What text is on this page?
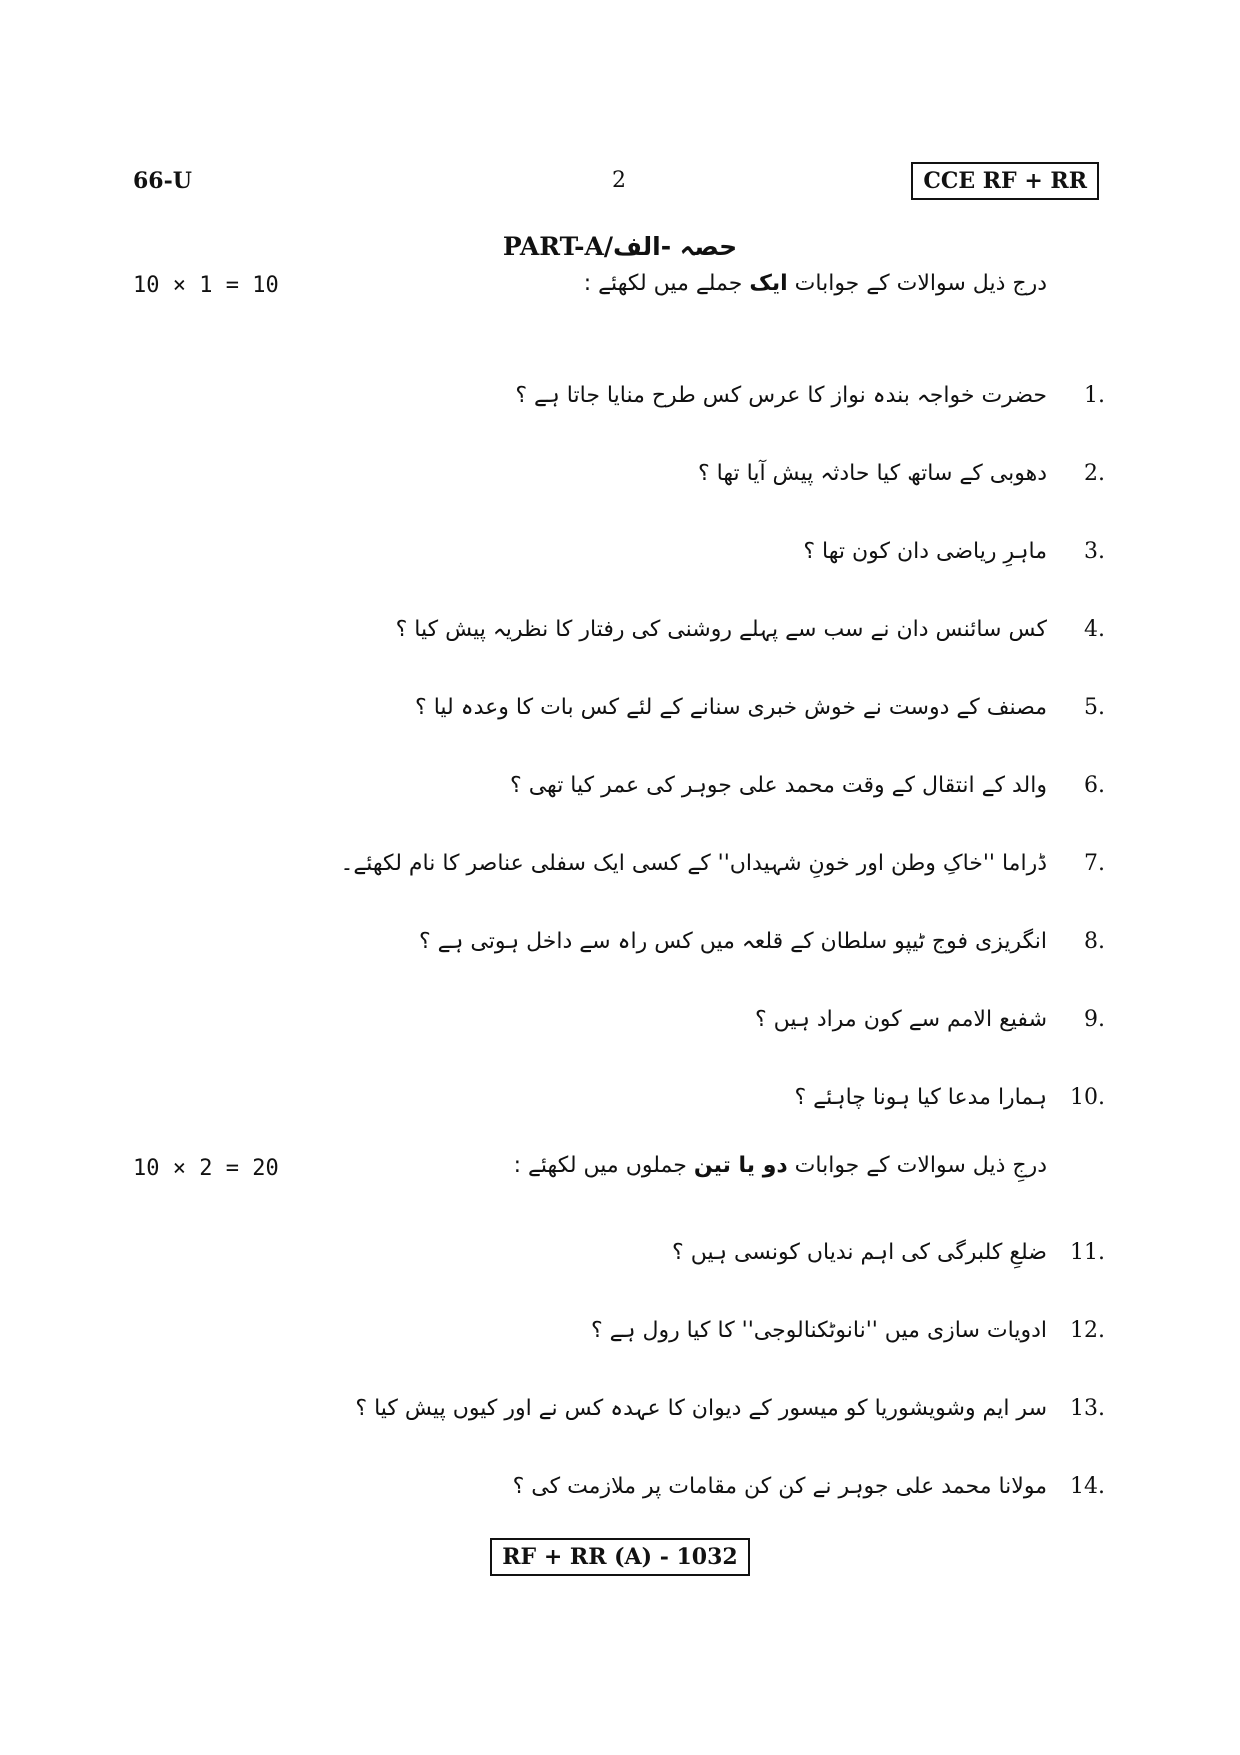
66-U	2	CCE RF + RR
PART-A/حصہ -الف
10 × 1 = 10	درج ذیل سوالات کے جوابات ایک جملے میں لکھئے :
1.
حضرت خواجہ بندہ نواز کا عرس کس طرح منایا جاتا ہے ؟
2.
دھوبی کے ساتھ کیا حادثہ پیش آیا تھا ؟
3.
ماہرِ ریاضی دان کون تھا ؟
4.
کس سائنس دان نے سب سے پہلے روشنی کی رفتار کا نظریہ پیش کیا ؟
5.
مصنف کے دوست نے خوش خبری سنانے کے لئے کس بات کا وعدہ لیا ؟
6.
والد کے انتقال کے وقت محمد علی جوہر کی عمر کیا تھی ؟
7.
ڈراما ''خاکِ وطن اور خونِ شہیداں'' کے کسی ایک سفلی عناصر کا نام لکھئے۔
8.
انگریزی فوج ٹیپو سلطان کے قلعہ میں کس راہ سے داخل ہوتی ہے ؟
9.
شفیع الامم سے کون مراد ہیں ؟
10.
ہمارا مدعا کیا ہونا چاہئے ؟
10 × 2 = 20	درجِ ذیل سوالات کے جوابات دو یا تین جملوں میں لکھئے :
11.
ضلعِ کلبرگی کی اہم ندیاں کونسی ہیں ؟
12.
ادویات سازی میں ''نانوٹکنالوجی'' کا کیا رول ہے ؟
13.
سر ایم وشویشوریا کو میسور کے دیوان کا عہدہ کس نے اور کیوں پیش کیا ؟
14.
مولانا محمد علی جوہر نے کن کن مقامات پر ملازمت کی ؟
RF + RR (A) - 1032
